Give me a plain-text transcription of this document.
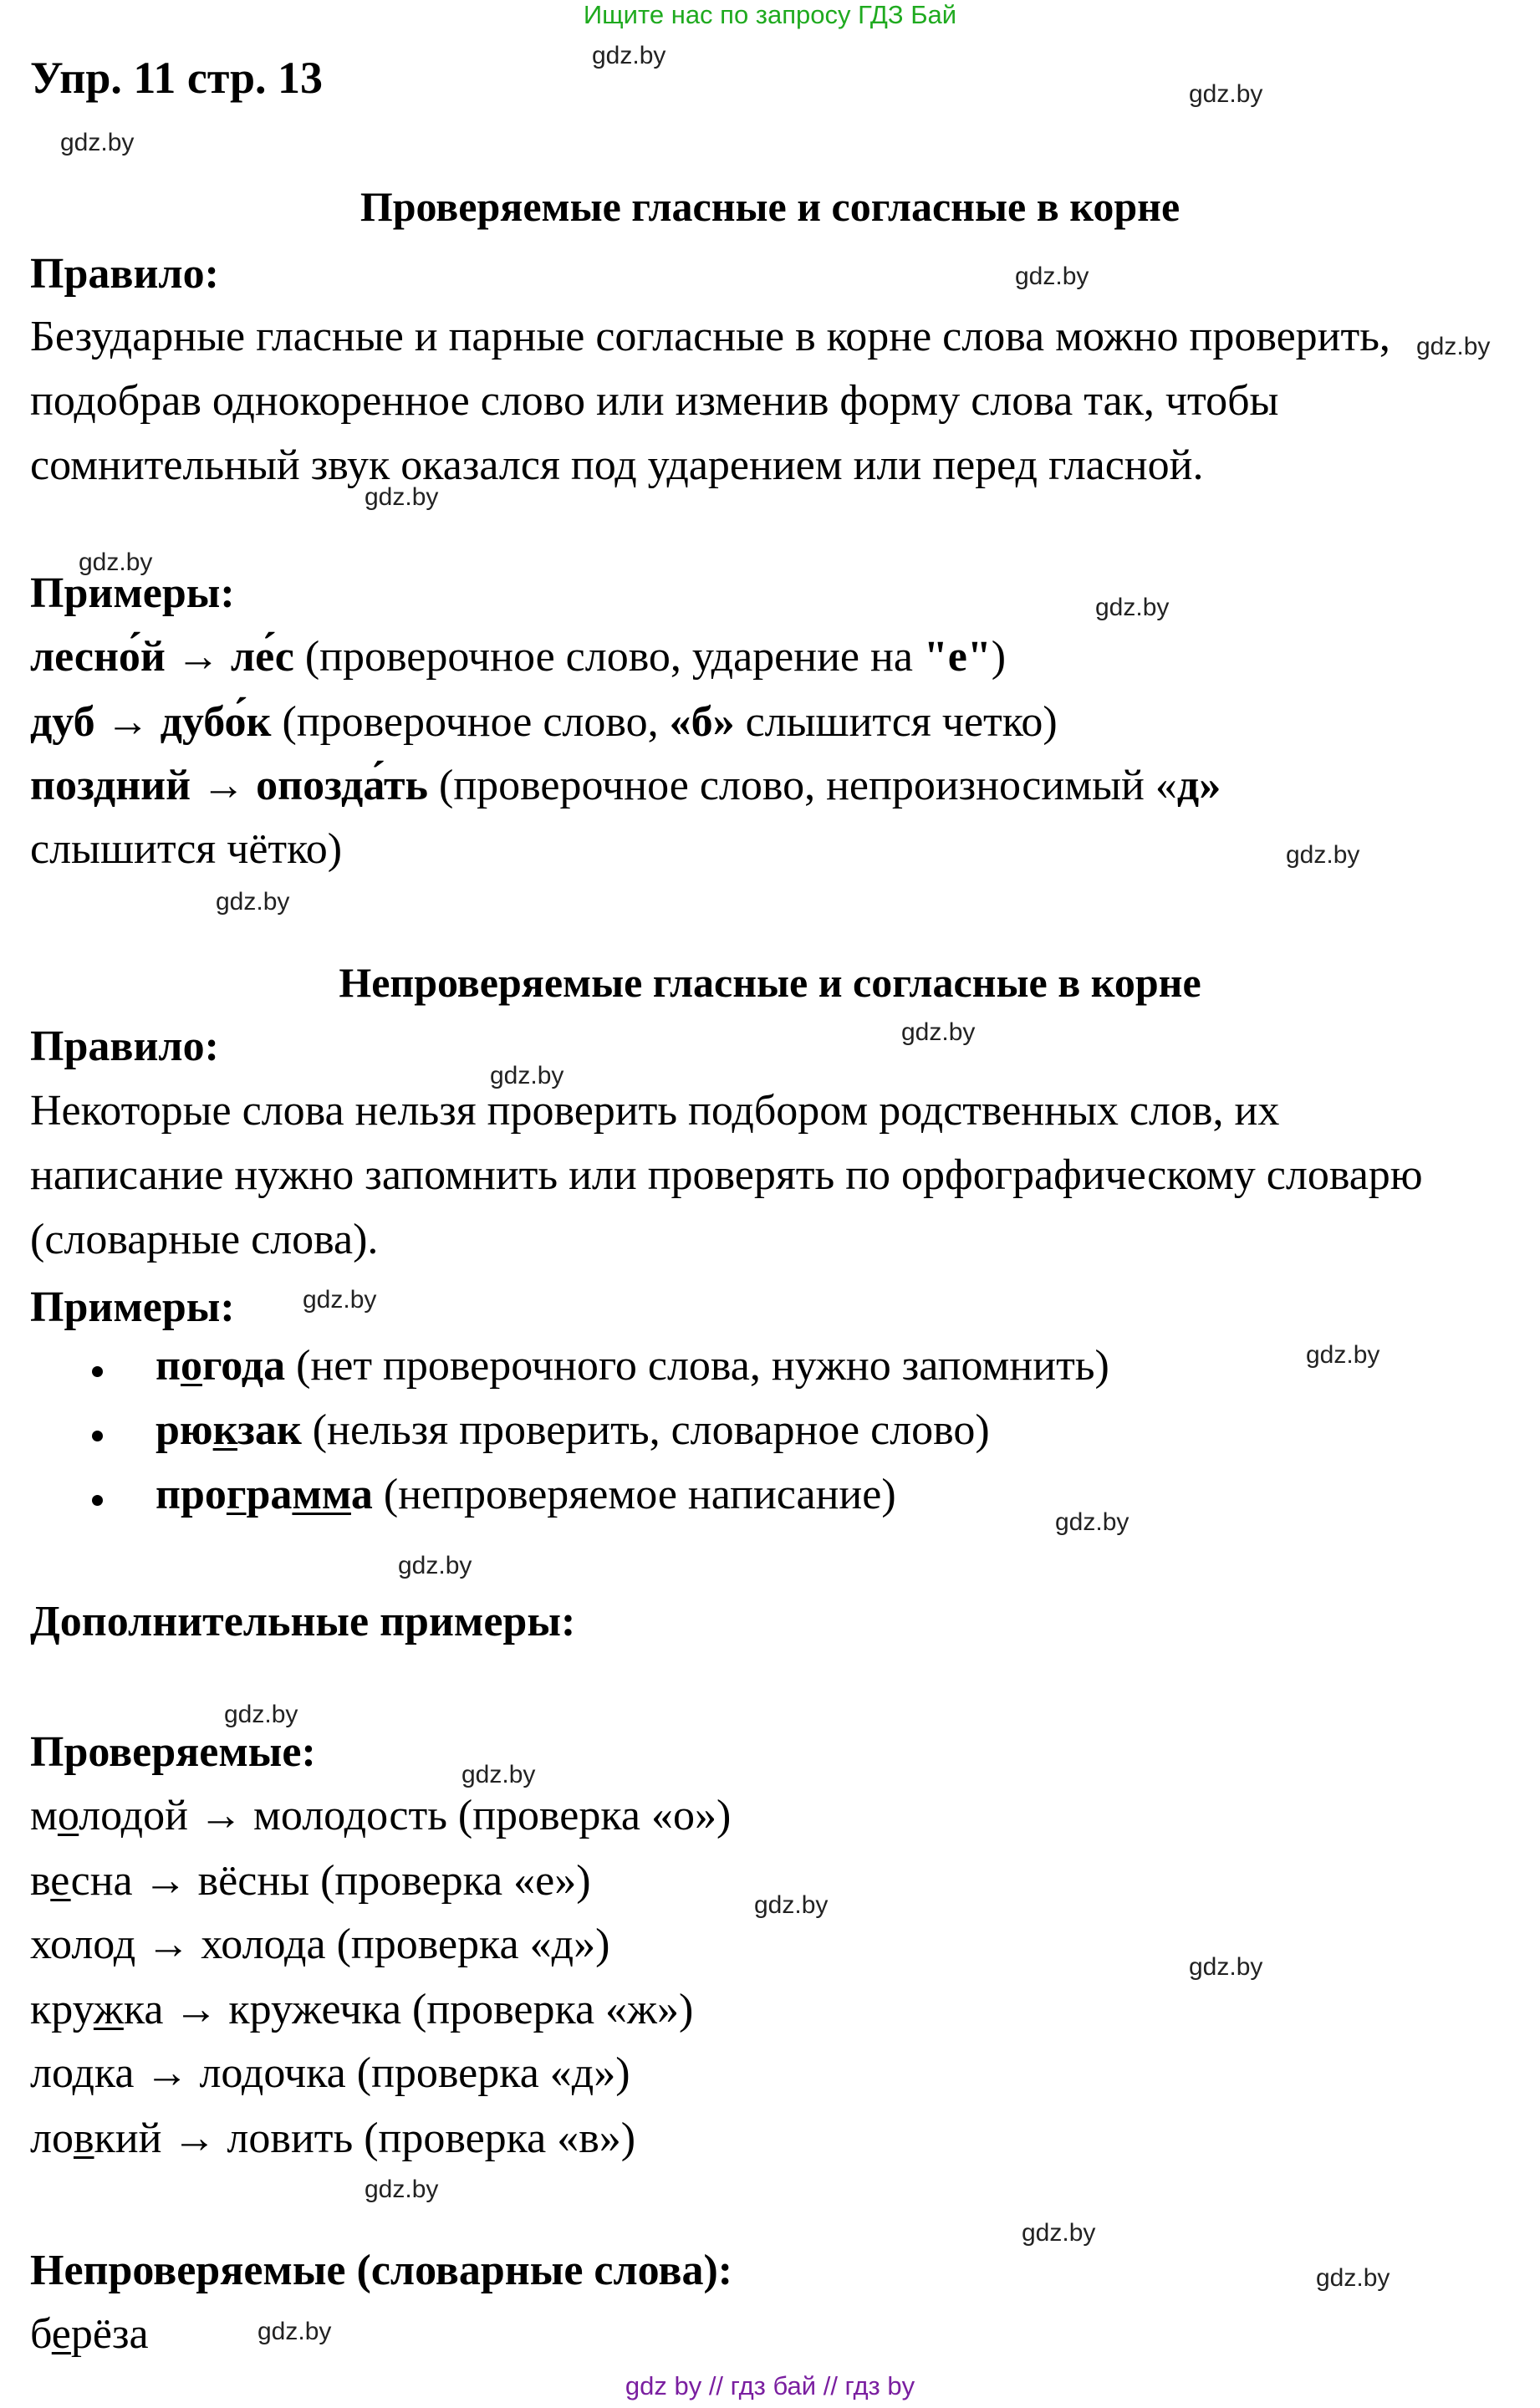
Ищите нас по запросу ГДЗ Бай
Упр. 11 стр. 13
Проверяемые гласные и согласные в корне
Правило:
Безударные гласные и парные согласные в корне слова можно проверить, подобрав однокоренное слово или изменив форму слова так, чтобы сомнительный звук оказался под ударением или перед гласной.
Примеры:
лесно́й → ле́с (проверочное слово, ударение на "е")
дуб → дубо́к (проверочное слово, «б» слышится четко)
поздний → опозда́ть (проверочное слово, непроизносимый «д»
слышится чётко)
Непроверяемые гласные и согласные в корне
Правило:
Некоторые слова нельзя проверить подбором родственных слов, их написание нужно запомнить или проверять по орфографическому словарю (словарные слова).
Примеры:
погода (нет проверочного слова, нужно запомнить)
рюкзак (нельзя проверить, словарное слово)
программа (непроверяемое написание)
Дополнительные примеры:
Проверяемые:
молодой → молодость (проверка «о»)
весна → вёсны (проверка «е»)
холод → холода (проверка «д»)
кружка → кружечка (проверка «ж»)
лодка → лодочка (проверка «д»)
ловкий → ловить (проверка «в»)
Непроверяемые (словарные слова):
берёза
gdz.by
gdz.by
gdz.by
gdz.by
gdz.by
gdz.by
gdz.by
gdz.by
gdz.by
gdz.by
gdz.by
gdz.by
gdz.by
gdz.by
gdz.by
gdz.by
gdz.by
gdz.by
gdz.by
gdz.by
gdz.by
gdz.by
gdz.by
gdz.by
gdz by // гдз бай // гдз by
